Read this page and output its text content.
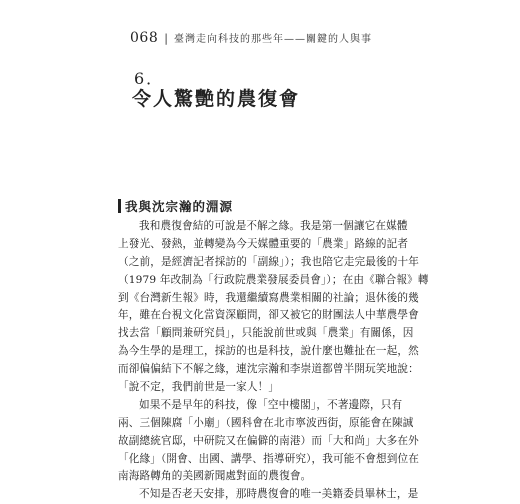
068 | 臺灣走向科技的那些年——關鍵的人與事
6．
令人驚艷的農復會
我與沈宗瀚的淵源
我和農復會結的可說是不解之緣。我是第一個讓它在媒體
上發光、發熱，並轉變為今天媒體重要的「農業」路線的記者
（之前，是經濟記者採訪的「副線」）；我也陪它走完最後的十年
（1979 年改制為「行政院農業發展委員會」）；在由《聯合報》轉
到《台灣新生報》時，我還繼續寫農業相關的社論；退休後的幾
年，雖在台視文化當資深顧問，卻又被它的財團法人中華農學會
找去當「顧問兼研究員」，只能說前世或與「農業」有關係，因
為今生學的是理工，採訪的也是科技，說什麼也難扯在一起，然
而卻偏偏結下不解之緣，連沈宗瀚和李崇道都曾半開玩笑地說：
「說不定，我們前世是一家人！」
如果不是早年的科技，像「空中樓閣」，不著邊際，只有
兩、三個陳腐「小廟」（國科會在北市寧波西街，原能會在陳誠
故副總統官邸，中研院又在偏僻的南港）而「大和尚」大多在外
「化緣」（開會、出國、講學、指導研究），我可能不會想到位在
南海路轉角的美國新聞處對面的農復會。
不知是否老天安排，那時農復會的唯一美籍委員畢林士，是
